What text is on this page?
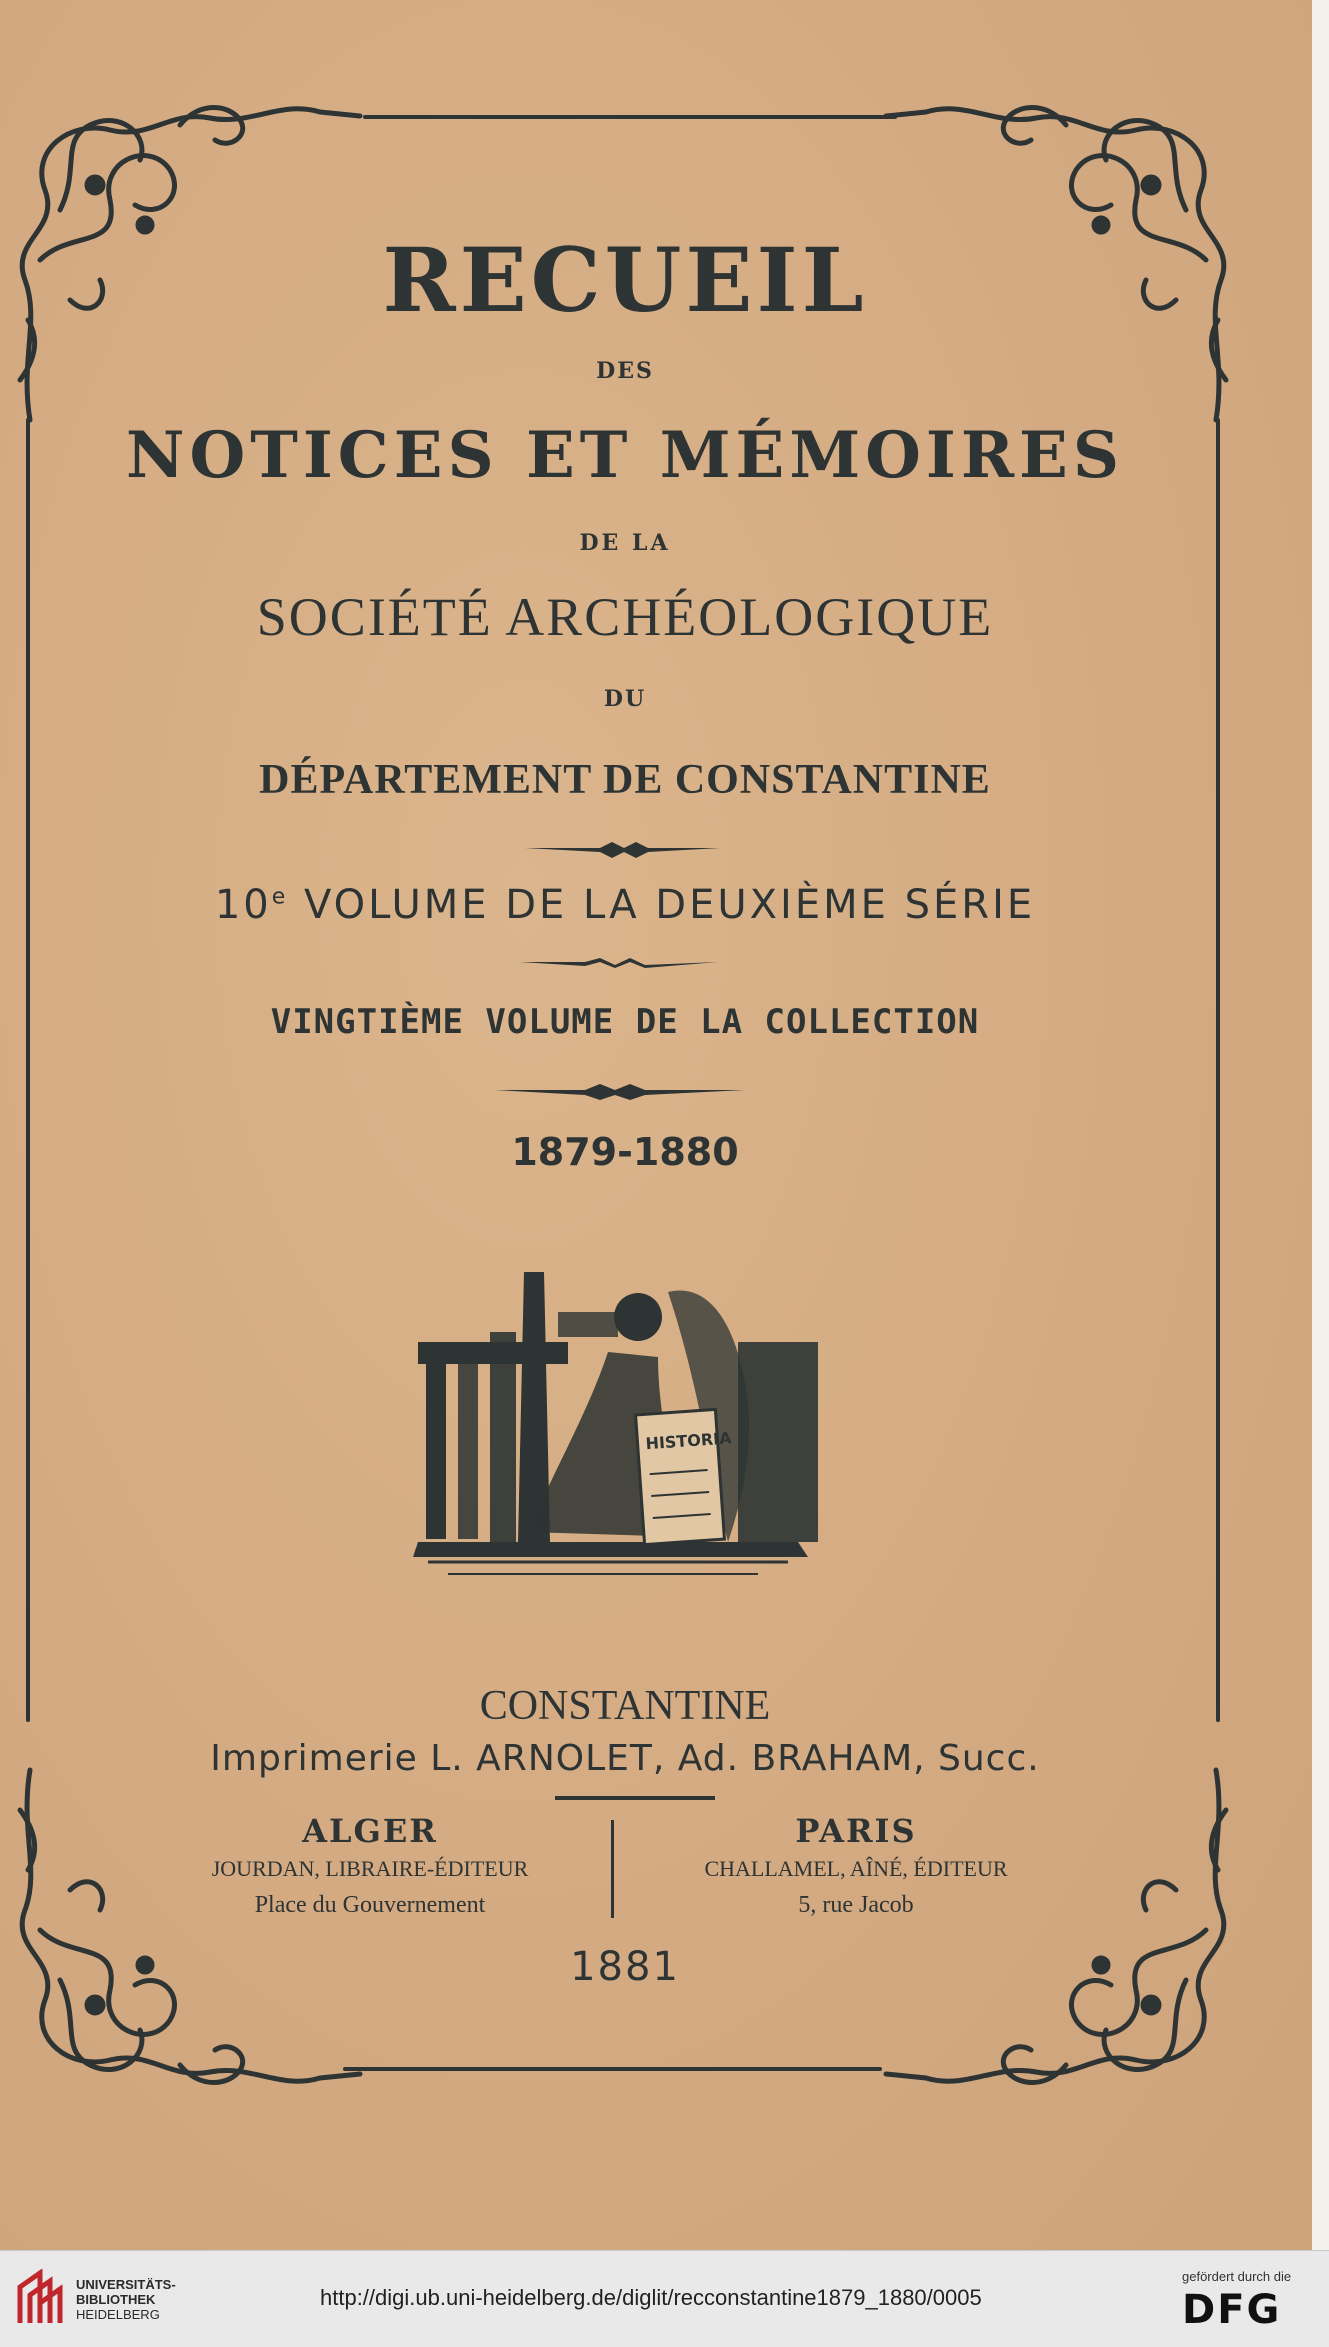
RECUEIL
DES
NOTICES ET MÉMOIRES
DE LA
SOCIÉTÉ ARCHÉOLOGIQUE
DU
DÉPARTEMENT DE CONSTANTINE
10e VOLUME DE LA DEUXIÈME SÉRIE
VINGTIÈME VOLUME DE LA COLLECTION
1879-1880
HISTORIA
CONSTANTINE
Imprimerie L. ARNOLET, Ad. BRAHAM, Succ.
ALGER
JOURDAN, LIBRAIRE-ÉDITEUR
Place du Gouvernement
PARIS
CHALLAMEL, AÎNÉ, ÉDITEUR
5, rue Jacob
1881
UNIVERSITÄTS-
BIBLIOTHEK
HEIDELBERG
http://digi.ub.uni-heidelberg.de/diglit/recconstantine1879_1880/0005
gefördert durch die
DFG
